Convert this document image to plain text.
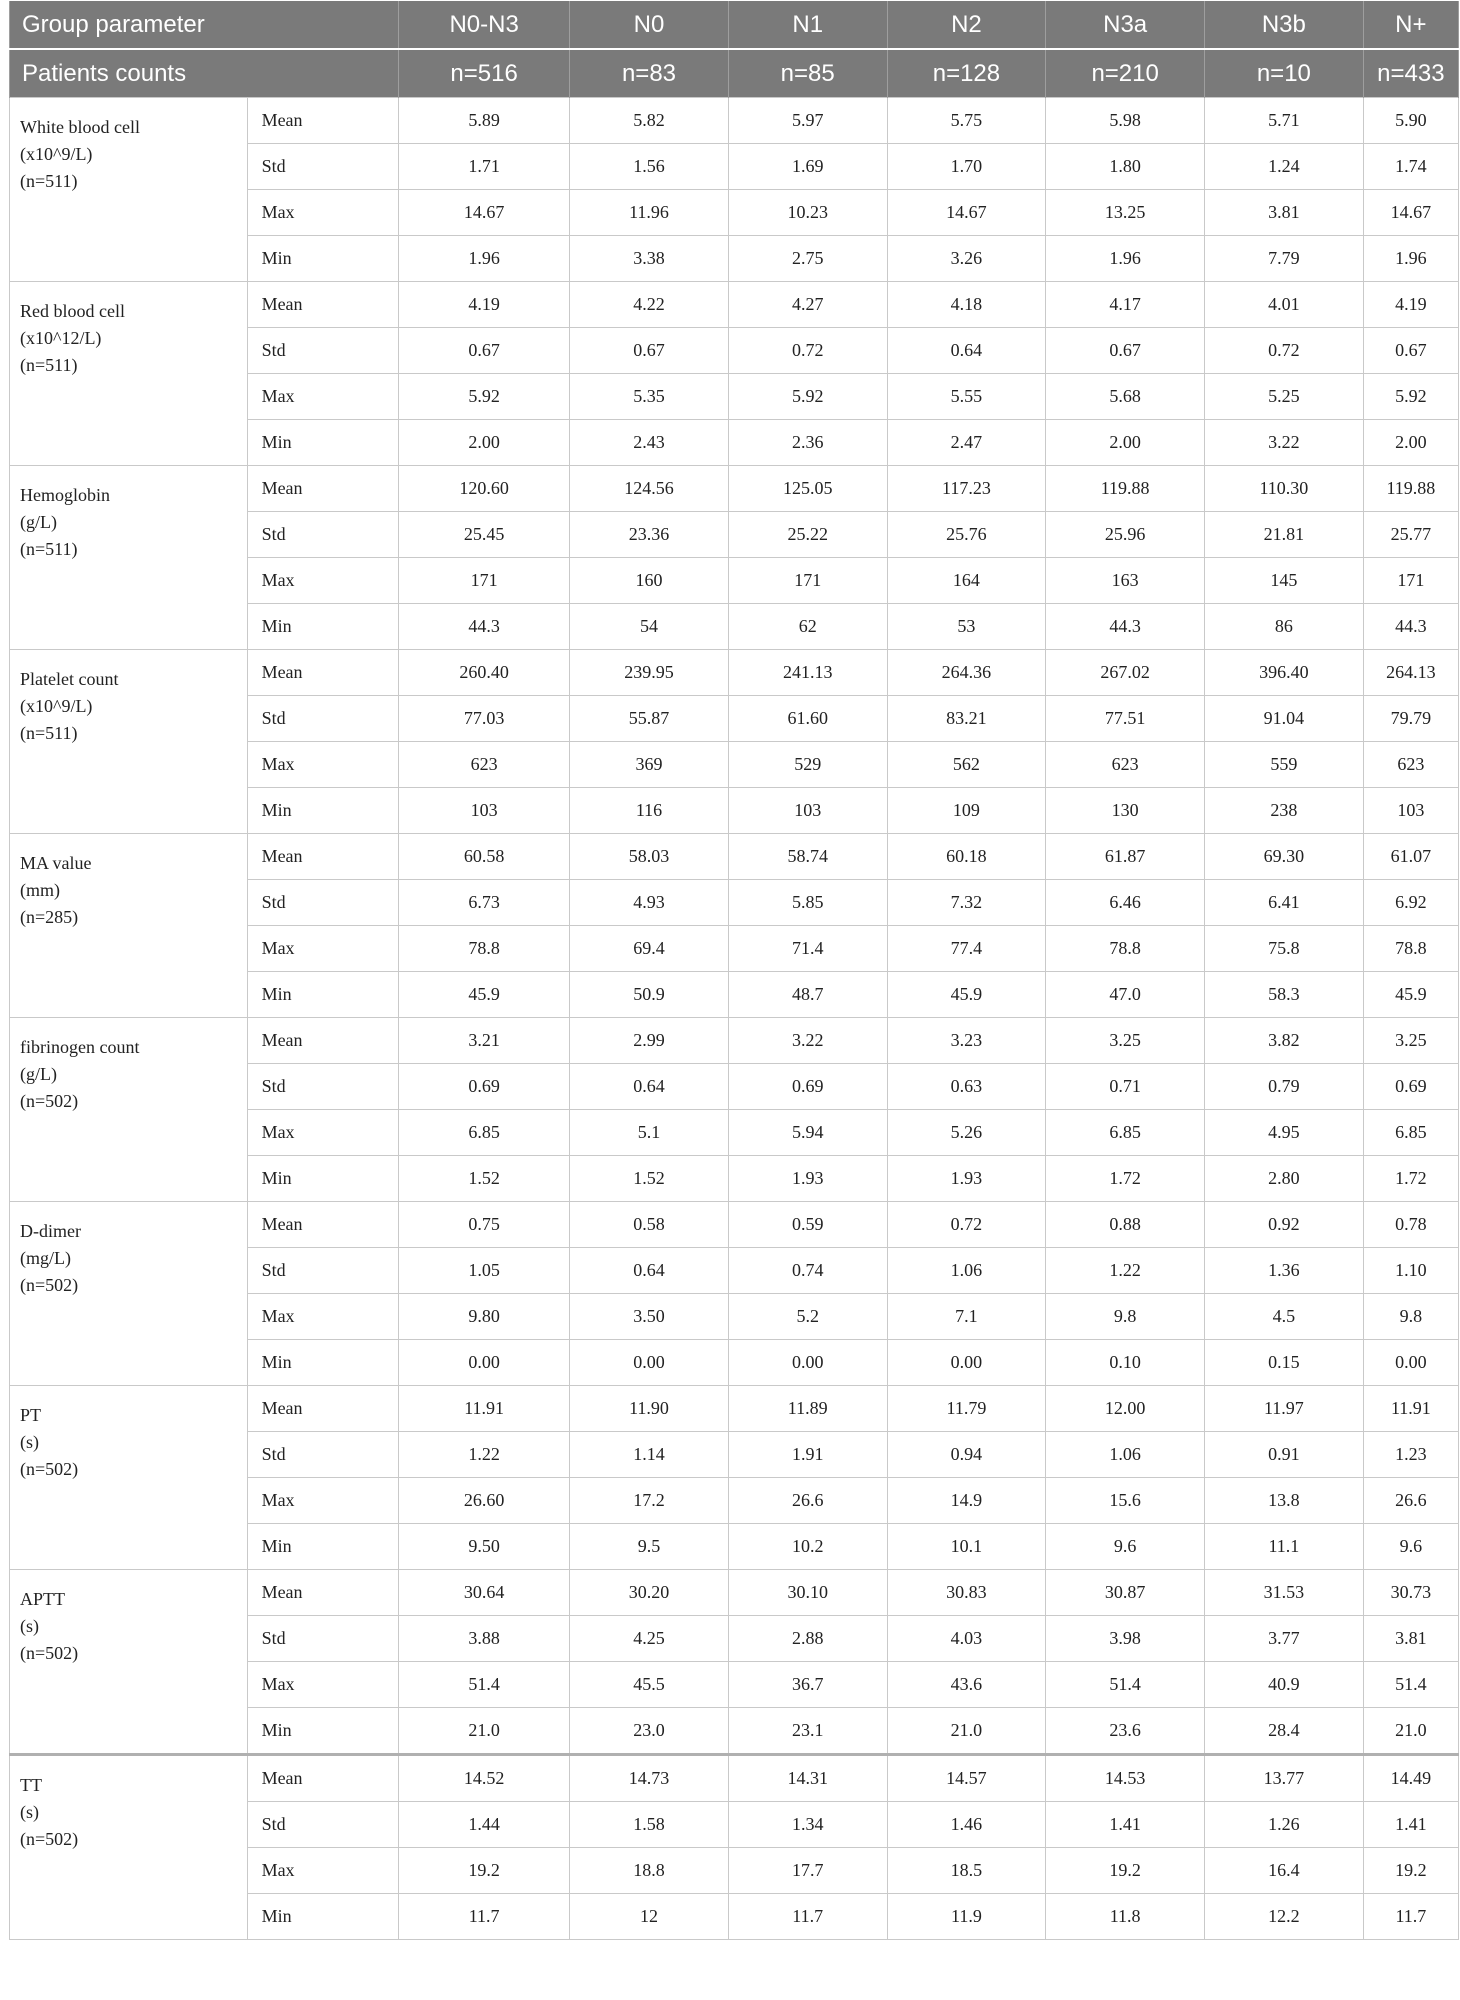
Group parameter		N0-N3	N0	N1	N2	N3a	N3b	N+
Patients counts		n=516	n=83	n=85	n=128	n=210	n=10	n=433

White blood cell
(x10^9/L)
(n=511)	Mean	5.89	5.82	5.97	5.75	5.98	5.71	5.90
	Std	1.71	1.56	1.69	1.70	1.80	1.24	1.74
	Max	14.67	11.96	10.23	14.67	13.25	3.81	14.67
	Min	1.96	3.38	2.75	3.26	1.96	7.79	1.96

Red blood cell
(x10^12/L)
(n=511)	Mean	4.19	4.22	4.27	4.18	4.17	4.01	4.19
	Std	0.67	0.67	0.72	0.64	0.67	0.72	0.67
	Max	5.92	5.35	5.92	5.55	5.68	5.25	5.92
	Min	2.00	2.43	2.36	2.47	2.00	3.22	2.00

Hemoglobin
(g/L)
(n=511)	Mean	120.60	124.56	125.05	117.23	119.88	110.30	119.88
	Std	25.45	23.36	25.22	25.76	25.96	21.81	25.77
	Max	171	160	171	164	163	145	171
	Min	44.3	54	62	53	44.3	86	44.3

Platelet count
(x10^9/L)
(n=511)	Mean	260.40	239.95	241.13	264.36	267.02	396.40	264.13
	Std	77.03	55.87	61.60	83.21	77.51	91.04	79.79
	Max	623	369	529	562	623	559	623
	Min	103	116	103	109	130	238	103

MA value
(mm)
(n=285)	Mean	60.58	58.03	58.74	60.18	61.87	69.30	61.07
	Std	6.73	4.93	5.85	7.32	6.46	6.41	6.92
	Max	78.8	69.4	71.4	77.4	78.8	75.8	78.8
	Min	45.9	50.9	48.7	45.9	47.0	58.3	45.9

fibrinogen count
(g/L)
(n=502)	Mean	3.21	2.99	3.22	3.23	3.25	3.82	3.25
	Std	0.69	0.64	0.69	0.63	0.71	0.79	0.69
	Max	6.85	5.1	5.94	5.26	6.85	4.95	6.85
	Min	1.52	1.52	1.93	1.93	1.72	2.80	1.72

D-dimer
(mg/L)
(n=502)	Mean	0.75	0.58	0.59	0.72	0.88	0.92	0.78
	Std	1.05	0.64	0.74	1.06	1.22	1.36	1.10
	Max	9.80	3.50	5.2	7.1	9.8	4.5	9.8
	Min	0.00	0.00	0.00	0.00	0.10	0.15	0.00

PT
(s)
(n=502)	Mean	11.91	11.90	11.89	11.79	12.00	11.97	11.91
	Std	1.22	1.14	1.91	0.94	1.06	0.91	1.23
	Max	26.60	17.2	26.6	14.9	15.6	13.8	26.6
	Min	9.50	9.5	10.2	10.1	9.6	11.1	9.6

APTT
(s)
(n=502)	Mean	30.64	30.20	30.10	30.83	30.87	31.53	30.73
	Std	3.88	4.25	2.88	4.03	3.98	3.77	3.81
	Max	51.4	45.5	36.7	43.6	51.4	40.9	51.4
	Min	21.0	23.0	23.1	21.0	23.6	28.4	21.0

TT
(s)
(n=502)	Mean	14.52	14.73	14.31	14.57	14.53	13.77	14.49
	Std	1.44	1.58	1.34	1.46	1.41	1.26	1.41
	Max	19.2	18.8	17.7	18.5	19.2	16.4	19.2
	Min	11.7	12	11.7	11.9	11.8	12.2	11.7
